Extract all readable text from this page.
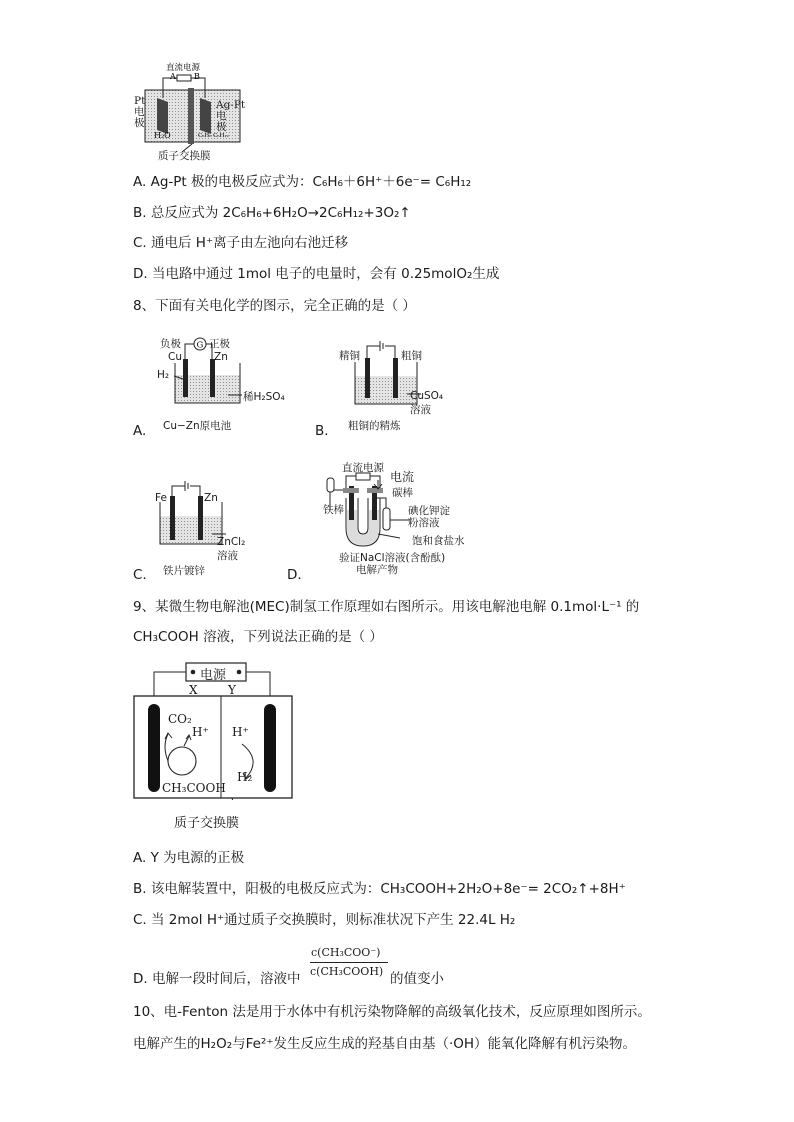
直流电源
A B
H₂O	C₆H₆ C₆H₁₂
Pt
电
极
Ag-Pt
电
极
质子交换膜
A. Ag-Pt 极的电极反应式为：C₆H₆＋6H⁺＋6e⁻= C₆H₁₂
B. 总反应式为 2C₆H₆+6H₂O→2C₆H₁₂+3O₂↑
C. 通电后 H⁺离子由左池向右池迁移
D. 当电路中通过 1mol 电子的电量时，会有 0.25molO₂生成
8、下面有关电化学的图示，完全正确的是（ ）
G
负极	正极
Cu	Zn
H₂
稀H₂SO₄
Cu−Zn原电池
A.
精铜	粗铜
CuSO₄
溶液
粗铜的精炼
B.
Fe	Zn
ZnCl₂
溶液
铁片镀锌
C.
直流电源
电流
碳棒
铁棒	碘化钾淀
粉溶液
饱和食盐水
验证NaCl溶液(含酚酞)
电解产物
D.
9、某微生物电解池(MEC)制氢工作原理如右图所示。用该电解池电解 0.1mol·L⁻¹ 的
CH₃COOH 溶液，下列说法正确的是（ ）
电源
X	Y
CO₂
H⁺ H⁺
H₂
CH₃COOH
质子交换膜
A. Y 为电源的正极
B. 该电解装置中，阳极的电极反应式为：CH₃COOH+2H₂O+8e⁻= 2CO₂↑+8H⁺
C. 当 2mol H⁺通过质子交换膜时，则标准状况下产生 22.4L H₂
D. 电解一段时间后，溶液中
c(CH₃COO⁻)
c(CH₃COOH) 的值变小
10、电-Fenton 法是用于水体中有机污染物降解的高级氧化技术，反应原理如图所示。
电解产生的H₂O₂与Fe²⁺发生反应生成的羟基自由基（·OH）能氧化降解有机污染物。
